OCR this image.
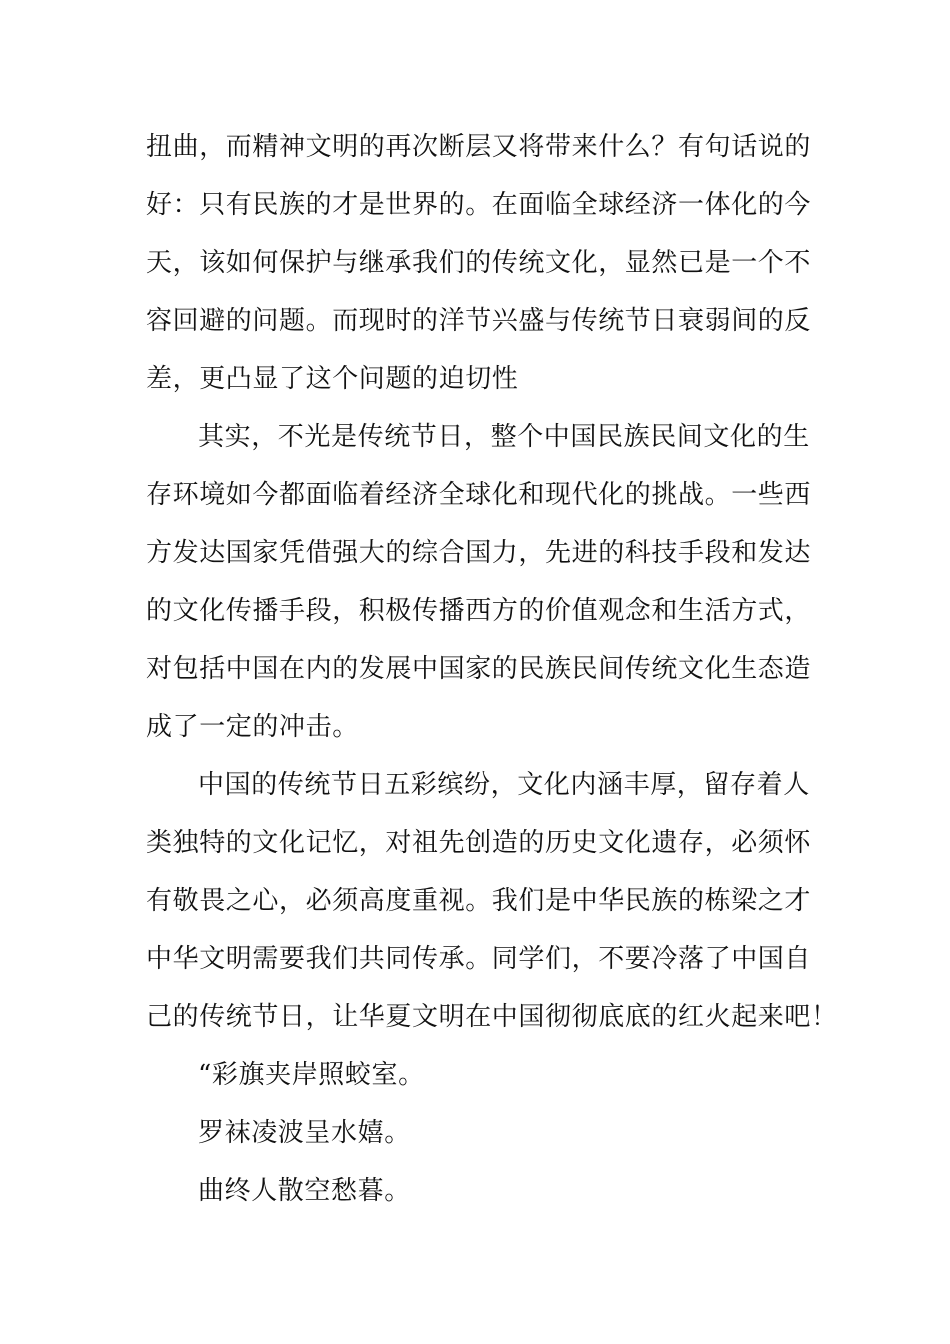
扭曲，而精神文明的再次断层又将带来什么？有句话说的
好：只有民族的才是世界的。在面临全球经济一体化的今
天，该如何保护与继承我们的传统文化，显然已是一个不
容回避的问题。而现时的洋节兴盛与传统节日衰弱间的反
差，更凸显了这个问题的迫切性
其实，不光是传统节日，整个中国民族民间文化的生
存环境如今都面临着经济全球化和现代化的挑战。一些西
方发达国家凭借强大的综合国力，先进的科技手段和发达
的文化传播手段，积极传播西方的价值观念和生活方式，
对包括中国在内的发展中国家的民族民间传统文化生态造
成了一定的冲击。
中国的传统节日五彩缤纷，文化内涵丰厚，留存着人
类独特的文化记忆，对祖先创造的历史文化遗存，必须怀
有敬畏之心，必须高度重视。我们是中华民族的栋梁之才
中华文明需要我们共同传承。同学们，不要冷落了中国自
己的传统节日，让华夏文明在中国彻彻底底的红火起来吧！
“彩旗夹岸照蛟室。
罗袜凌波呈水嬉。
曲终人散空愁暮。
